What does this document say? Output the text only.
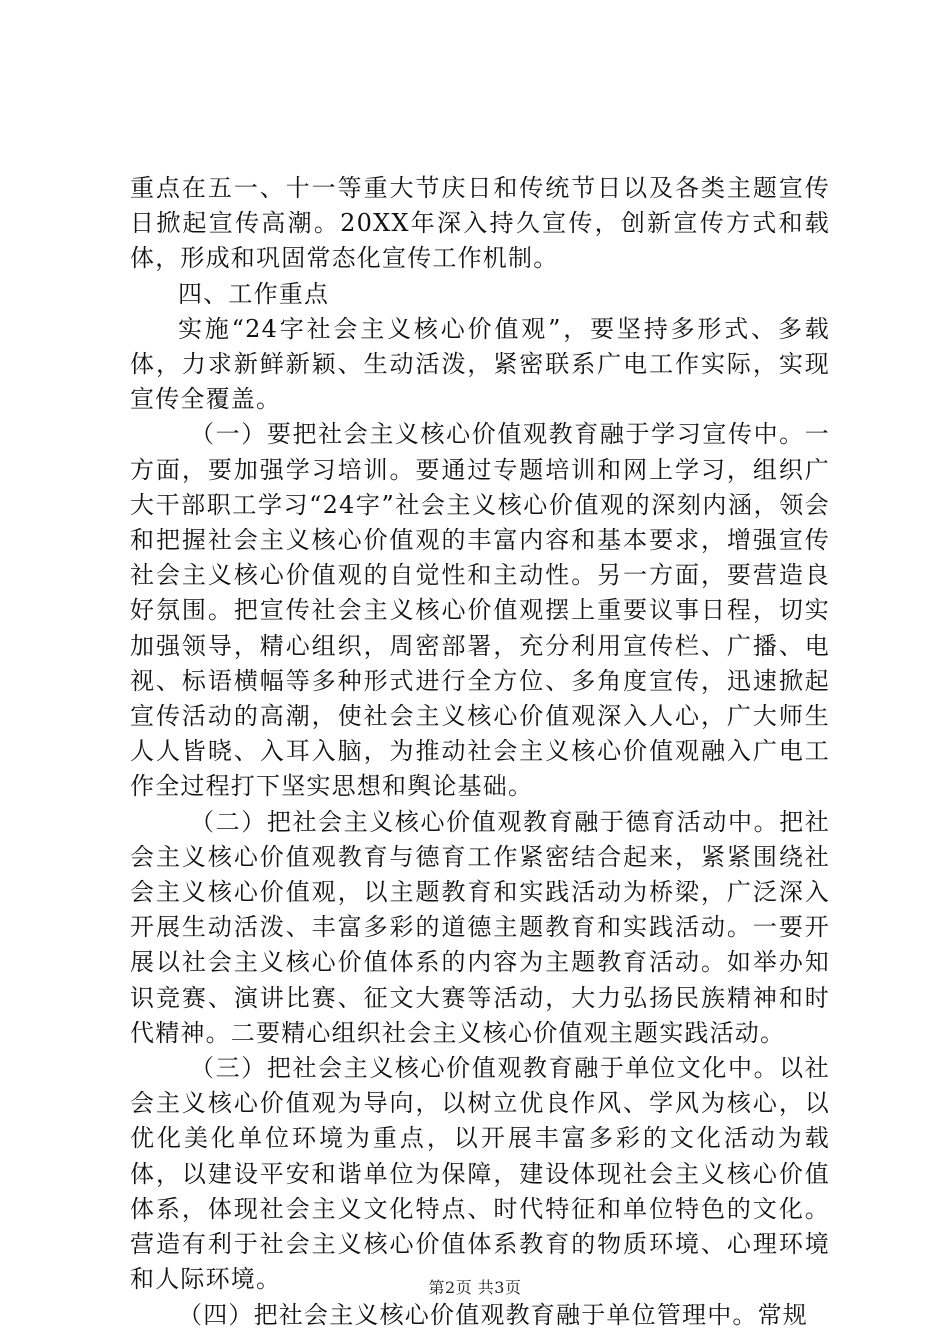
重点在五一、十一等重大节庆日和传统节日以及各类主题宣传日掀起宣传高潮。20XX年深入持久宣传，创新宣传方式和载体，形成和巩固常态化宣传工作机制。

四、工作重点

实施“24字社会主义核心价值观”，要坚持多形式、多载体，力求新鲜新颖、生动活泼，紧密联系广电工作实际，实现宣传全覆盖。

（一）要把社会主义核心价值观教育融于学习宣传中。一方面，要加强学习培训。要通过专题培训和网上学习，组织广大干部职工学习“24字”社会主义核心价值观的深刻内涵，领会和把握社会主义核心价值观的丰富内容和基本要求，增强宣传社会主义核心价值观的自觉性和主动性。另一方面，要营造良好氛围。把宣传社会主义核心价值观摆上重要议事日程，切实加强领导，精心组织，周密部署，充分利用宣传栏、广播、电视、标语横幅等多种形式进行全方位、多角度宣传，迅速掀起宣传活动的高潮，使社会主义核心价值观深入人心，广大师生人人皆晓、入耳入脑，为推动社会主义核心价值观融入广电工作全过程打下坚实思想和舆论基础。

（二）把社会主义核心价值观教育融于德育活动中。把社会主义核心价值观教育与德育工作紧密结合起来，紧紧围绕社会主义核心价值观，以主题教育和实践活动为桥梁，广泛深入开展生动活泼、丰富多彩的道德主题教育和实践活动。一要开展以社会主义核心价值体系的内容为主题教育活动。如举办知识竞赛、演讲比赛、征文大赛等活动，大力弘扬民族精神和时代精神。二要精心组织社会主义核心价值观主题实践活动。

（三）把社会主义核心价值观教育融于单位文化中。以社会主义核心价值观为导向，以树立优良作风、学风为核心，以优化美化单位环境为重点，以开展丰富多彩的文化活动为载体，以建设平安和谐单位为保障，建设体现社会主义核心价值体系，体现社会主义文化特点、时代特征和单位特色的文化。营造有利于社会主义核心价值体系教育的物质环境、心理环境和人际环境。

（四）把社会主义核心价值观教育融于单位管理中。常规

第2页 共3页
